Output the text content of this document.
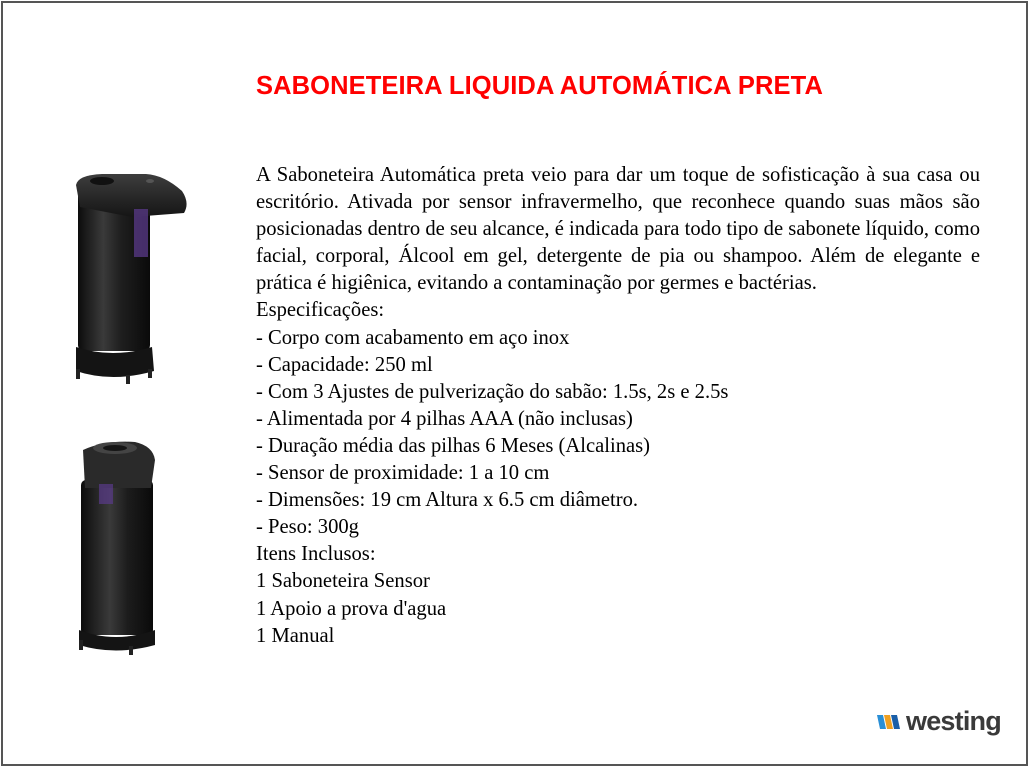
SABONETEIRA LIQUIDA AUTOMÁTICA PRETA

A Saboneteira Automática preta veio para dar um toque de sofisticação à sua casa ou escritório. Ativada por sensor infravermelho, que reconhece quando suas mãos são posicionadas dentro de seu alcance, é indicada para todo tipo de sabonete líquido, como facial, corporal, Álcool em gel, detergente de pia ou shampoo. Além de elegante e prática é higiênica, evitando a contaminação por germes e bactérias.

Especificações:

- Corpo com acabamento em aço inox

- Capacidade: 250 ml

- Com 3 Ajustes de pulverização do sabão: 1.5s, 2s e 2.5s

- Alimentada por 4 pilhas AAA (não inclusas)

- Duração média das pilhas 6 Meses (Alcalinas)

- Sensor de proximidade: 1 a 10 cm

- Dimensões: 19 cm Altura x 6.5 cm diâmetro.

- Peso: 300g

Itens Inclusos:

1 Saboneteira Sensor

1 Apoio a prova d'agua

1 Manual

westing
